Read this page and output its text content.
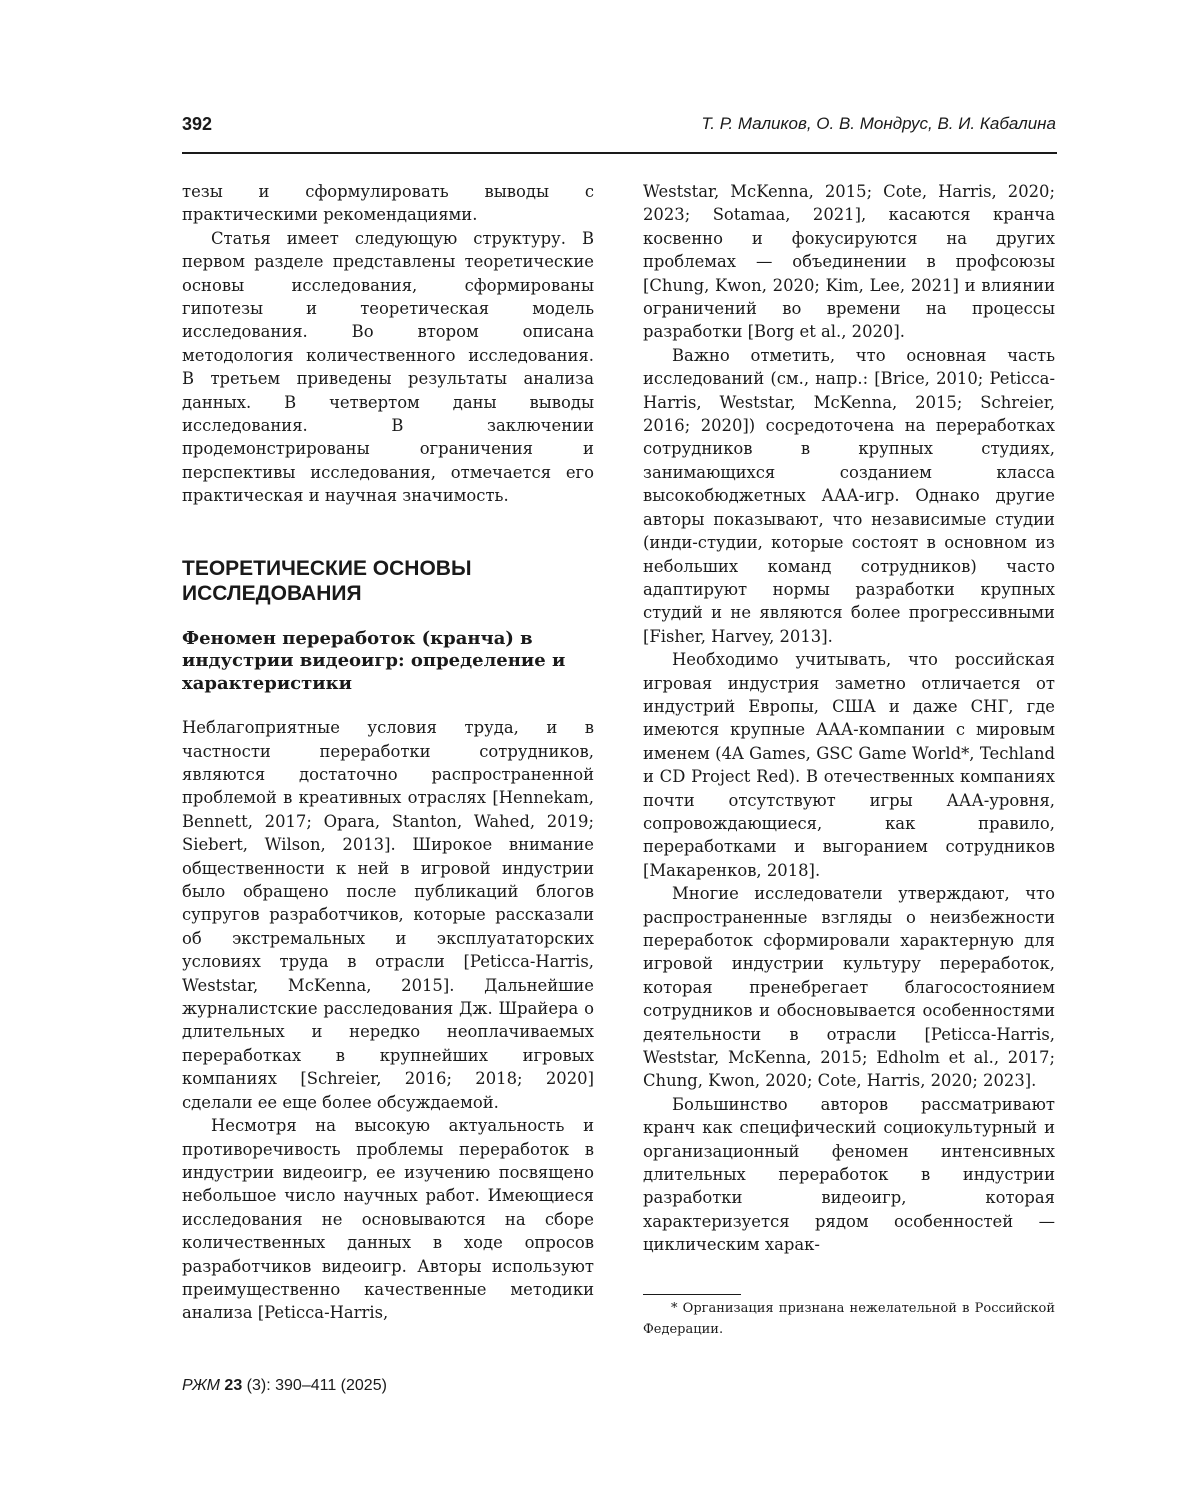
392	Т. Р. Маликов, О. В. Мондрус, В. И. Кабалина

тезы и сформулировать выводы с практическими рекомендациями.

Статья имеет следующую структуру. В первом разделе представлены теоретические основы исследования, сформированы гипотезы и теоретическая модель исследования. Во втором описана методология количественного исследования. В третьем приведены результаты анализа данных. В четвертом даны выводы исследования. В заключении продемонстрированы ограничения и перспективы исследования, отмечается его практическая и научная значимость.

ТЕОРЕТИЧЕСКИЕ ОСНОВЫ ИССЛЕДОВАНИЯ
Феномен переработок (кранча) в индустрии видеоигр: определение и характеристики

Неблагоприятные условия труда, и в частности переработки сотрудников, являются достаточно распространенной проблемой в креативных отраслях [Hennekam, Bennett, 2017; Opara, Stanton, Wahed, 2019; Siebert, Wilson, 2013]. Широкое внимание общественности к ней в игровой индустрии было обращено после публикаций блогов супругов разработчиков, которые рассказали об экстремальных и эксплуататорских условиях труда в отрасли [Peticca-Harris, Weststar, McKenna, 2015]. Дальнейшие журналистские расследования Дж. Шрайера о длительных и нередко неоплачиваемых переработках в крупнейших игровых компаниях [Schreier, 2016; 2018; 2020] сделали ее еще более обсуждаемой.

Несмотря на высокую актуальность и противоречивость проблемы переработок в индустрии видеоигр, ее изучению посвящено небольшое число научных работ. Имеющиеся исследования не основываются на сборе количественных данных в ходе опросов разработчиков видеоигр. Авторы используют преимущественно качественные методики анализа [Peticca-Harris,

Weststar, McKenna, 2015; Cote, Harris, 2020; 2023; Sotamaa, 2021], касаются кранча косвенно и фокусируются на других проблемах — объединении в профсоюзы [Chung, Kwon, 2020; Kim, Lee, 2021] и влиянии ограничений во времени на процессы разработки [Borg et al., 2020].

Важно отметить, что основная часть исследований (см., напр.: [Brice, 2010; Peticca-Harris, Weststar, McKenna, 2015; Schreier, 2016; 2020]) сосредоточена на переработках сотрудников в крупных студиях, занимающихся созданием класса высокобюджетных ААА-игр. Однако другие авторы показывают, что независимые студии (инди-студии, которые состоят в основном из небольших команд сотрудников) часто адаптируют нормы разработки крупных студий и не являются более прогрессивными [Fisher, Harvey, 2013].

Необходимо учитывать, что российская игровая индустрия заметно отличается от индустрий Европы, США и даже СНГ, где имеются крупные ААА-компании с мировым именем (4A Games, GSC Game World*, Techland и CD Project Red). В отечественных компаниях почти отсутствуют игры ААА-уровня, сопровождающиеся, как правило, переработками и выгоранием сотрудников [Макаренков, 2018].

Многие исследователи утверждают, что распространенные взгляды о неизбежности переработок сформировали характерную для игровой индустрии культуру переработок, которая пренебрегает благосостоянием сотрудников и обосновывается особенностями деятельности в отрасли [Peticca-Harris, Weststar, McKenna, 2015; Edholm et al., 2017; Chung, Kwon, 2020; Cote, Harris, 2020; 2023].

Большинство авторов рассматривают кранч как специфический социокультурный и организационный феномен интенсивных длительных переработок в индустрии разработки видеоигр, которая характеризуется рядом особенностей — циклическим харак-

* Организация признана нежелательной в Российской Федерации.
РЖМ 23 (3): 390–411 (2025)
